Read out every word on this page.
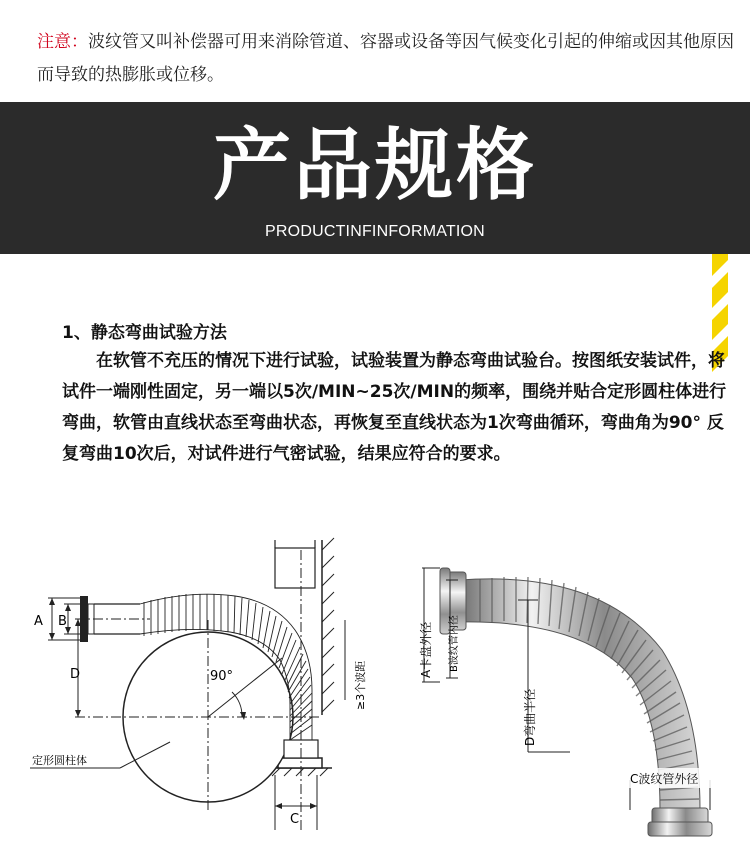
注意：波纹管又叫补偿器可用来消除管道、容器或设备等因气候变化引起的伸缩或因其他原因而导致的热膨胀或位移。
产品规格
PRODUCTINFINFORMATION
1、静态弯曲试验方法
在软管不充压的情况下进行试验，试验装置为静态弯曲试验台。按图纸安装试件，将试件一端刚性固定，另一端以5次/MIN~25次/MIN的频率，围绕并贴合定形圆柱体进行弯曲，软管由直线状态至弯曲状态，再恢复至直线状态为1次弯曲循环，弯曲角为90° 反复弯曲10次后，对试件进行气密试验，结果应符合的要求。
A B
D
C
90°
定形圆柱体
≥3个波距
A卡盘外径 B波纹管内径
D弯曲半径
C波纹管外径
